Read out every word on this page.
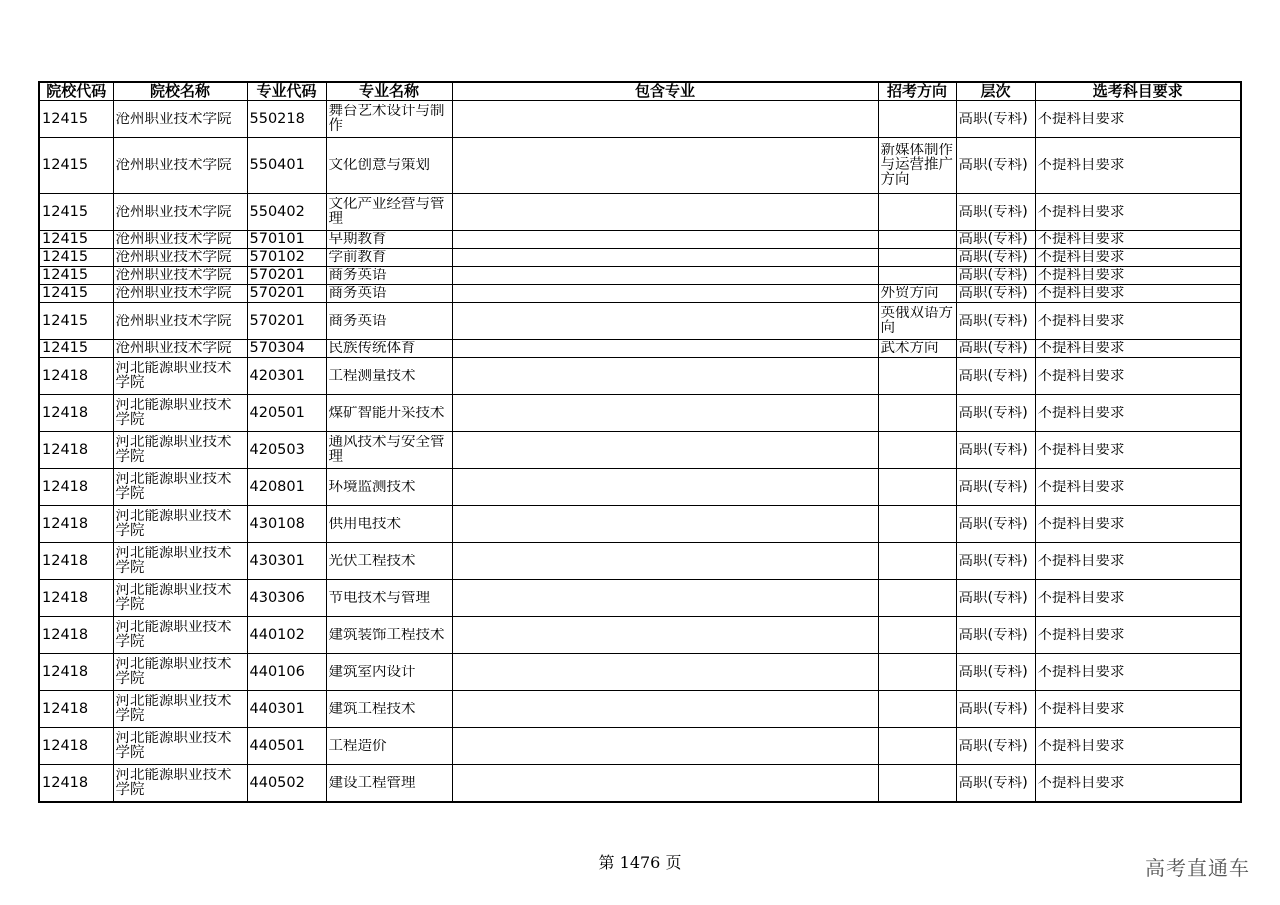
院校代码	院校名称	专业代码	专业名称	包含专业	招考方向	层次	选考科目要求

12415	沧州职业技术学院	550218	舞台艺术设计与制作			高职(专科)	不提科目要求

12415	沧州职业技术学院	550401	文化创意与策划		新媒体制作与运营推广方向	高职(专科)	不提科目要求

12415	沧州职业技术学院	550402	文化产业经营与管理			高职(专科)	不提科目要求

12415	沧州职业技术学院	570101	早期教育			高职(专科)	不提科目要求

12415	沧州职业技术学院	570102	学前教育			高职(专科)	不提科目要求

12415	沧州职业技术学院	570201	商务英语			高职(专科)	不提科目要求

12415	沧州职业技术学院	570201	商务英语		外贸方向	高职(专科)	不提科目要求

12415	沧州职业技术学院	570201	商务英语		英俄双语方向	高职(专科)	不提科目要求

12415	沧州职业技术学院	570304	民族传统体育		武术方向	高职(专科)	不提科目要求

12418	河北能源职业技术学院	420301	工程测量技术			高职(专科)	不提科目要求

12418	河北能源职业技术学院	420501	煤矿智能开采技术			高职(专科)	不提科目要求

12418	河北能源职业技术学院	420503	通风技术与安全管理			高职(专科)	不提科目要求

12418	河北能源职业技术学院	420801	环境监测技术			高职(专科)	不提科目要求

12418	河北能源职业技术学院	430108	供用电技术			高职(专科)	不提科目要求

12418	河北能源职业技术学院	430301	光伏工程技术			高职(专科)	不提科目要求

12418	河北能源职业技术学院	430306	节电技术与管理			高职(专科)	不提科目要求

12418	河北能源职业技术学院	440102	建筑装饰工程技术			高职(专科)	不提科目要求

12418	河北能源职业技术学院	440106	建筑室内设计			高职(专科)	不提科目要求

12418	河北能源职业技术学院	440301	建筑工程技术			高职(专科)	不提科目要求

12418	河北能源职业技术学院	440501	工程造价			高职(专科)	不提科目要求

12418	河北能源职业技术学院	440502	建设工程管理			高职(专科)	不提科目要求
第 1476 页	高考直通车
